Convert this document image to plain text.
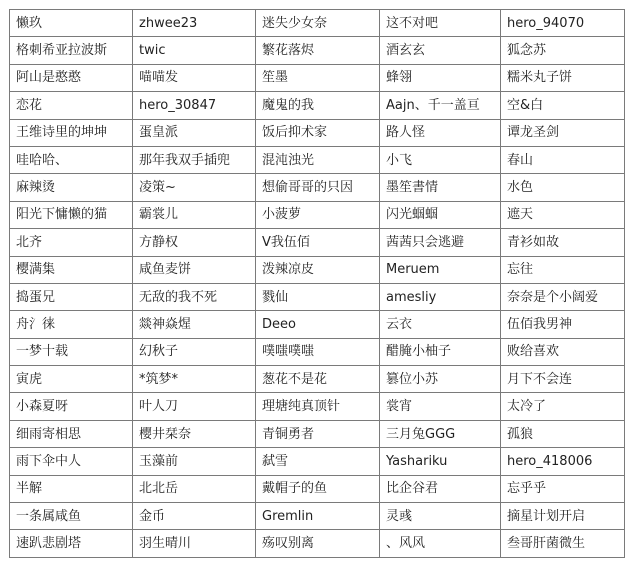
懒玖	zhwee23	迷失少女奈	这不对吧	hero_94070
格刺希亚拉波斯	twic	繁花落烬	酒玄玄	狐念苏
阿山是憨憨	喵喵发	笙墨	蜂翎	糯米丸子饼
恋花	hero_30847	魔鬼的我	Aajn、千一盖亘	空&白
王维诗里的坤坤	蛋皇派	饭后抑术家	路人怪	谭龙圣剑
哇哈哈、	那年我双手插兜	混沌浊光	小飞	春山
麻辣烫	凌策~	想偷哥哥的只因	墨笙書情	水色
阳光下慵懒的猫	霸裳儿	小菠萝	闪光蝈蝈	遮天
北齐	方静权	V我伍佰	茜茜只会逃避	青衫如故
樱满集	咸鱼麦饼	泼辣凉皮	Meruem	忘往
捣蛋兄	无敌的我不死	戮仙	amesliy	奈奈是个小阔爱
舟氵徕	燚神焱煋	Deeo	云衣	伍佰我男神
一梦十载	幻秋子	噗嗤噗嗤	醋腌小柚子	败给喜欢
寅虎	*筑梦*	葱花不是花	篡位小苏	月下不会连
小森夏呀	叶人刀	理塘纯真顶针	裳宵	太冷了
细雨寄相思	樱井栞奈	青铜勇者	三月兔GGG	孤狼
雨下伞中人	玉藻前	弑雪	Yashariku	hero_418006
半解	北北岳	戴帽子的鱼	比企谷君	忘乎乎
一条属咸鱼	金币	Gremlin	灵彧	摘星计划开启
速趴悲剧塔	羽生晴川	殇叹别离	、风风	叁哥肝菌微生
